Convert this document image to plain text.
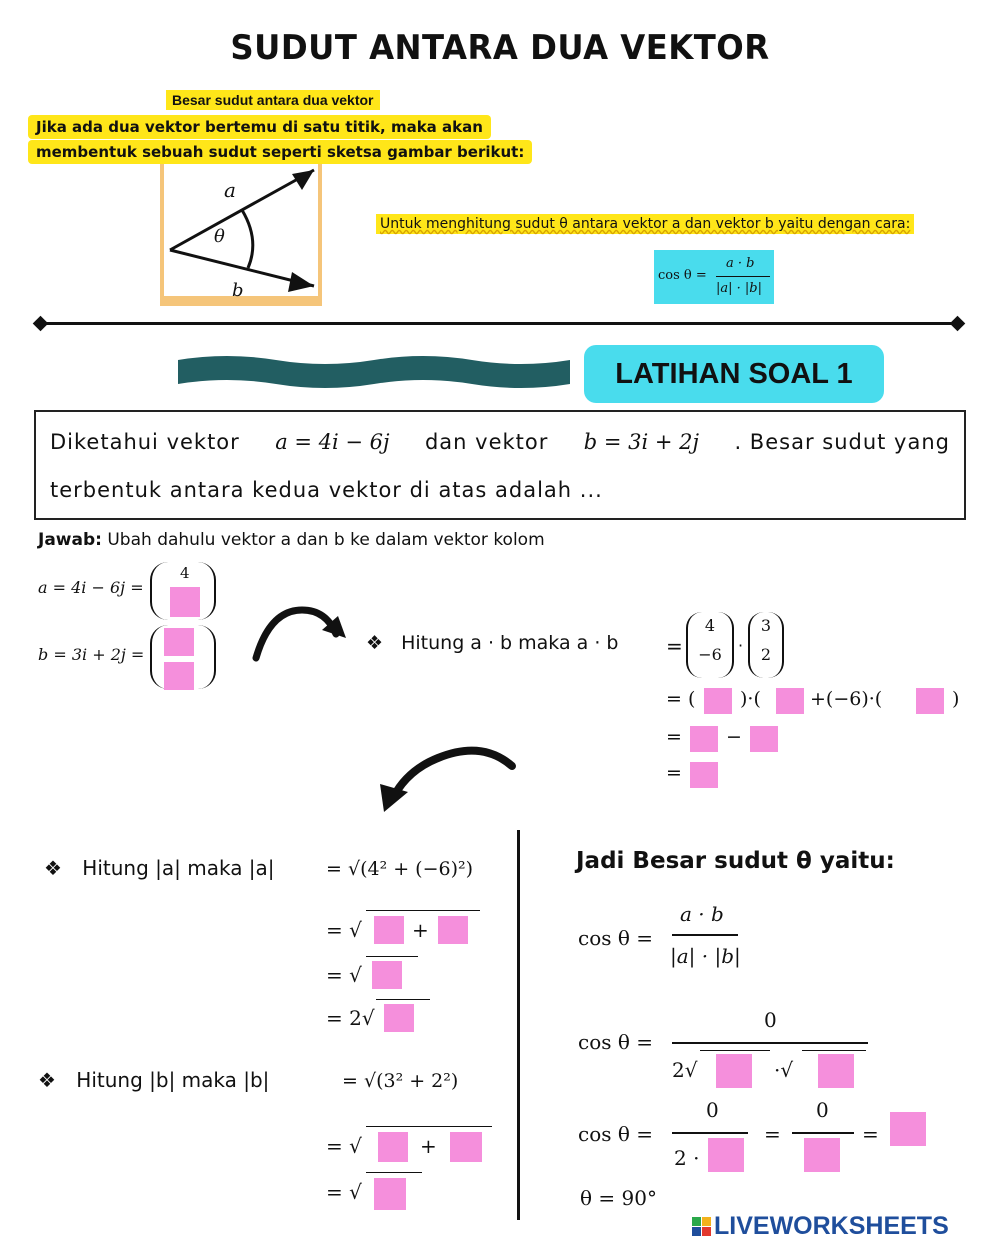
SUDUT ANTARA DUA VEKTOR
Besar sudut antara dua vektor
Jika ada dua vektor bertemu di satu titik, maka akan
membentuk sebuah sudut seperti sketsa gambar berikut:
a
θ
b
Untuk menghitung sudut θ antara vektor a dan vektor b yaitu dengan cara:
cos θ =
a · b
|a| · |b|
LATIHAN SOAL 1
Diketahui vektor a = 4i − 6j dan vektor b = 3i + 2j . Besar sudut yang
terbentuk antara kedua vektor di atas adalah ...
Jawab: Ubah dahulu vektor a dan b ke dalam vektor kolom
a = 4i − 6j =
4
b = 3i + 2j =
❖ Hitung a · b maka a · b =
4
−6	·
3
2
= ( )·(	+(−6)·(	)
= −
=
❖ Hitung |a| maka |a|	= √(4² + (−6)²)
= √	+
= √
= 2√
❖ Hitung |b| maka |b|	= √(3² + 2²)
= √	+
= √
Jadi Besar sudut θ yaitu:
cos θ =
a · b
|a| · |b|
cos θ =
0
2√	·√
cos θ =
0
2 ·
=
0
=
θ = 90°
LIVEWORKSHEETS
